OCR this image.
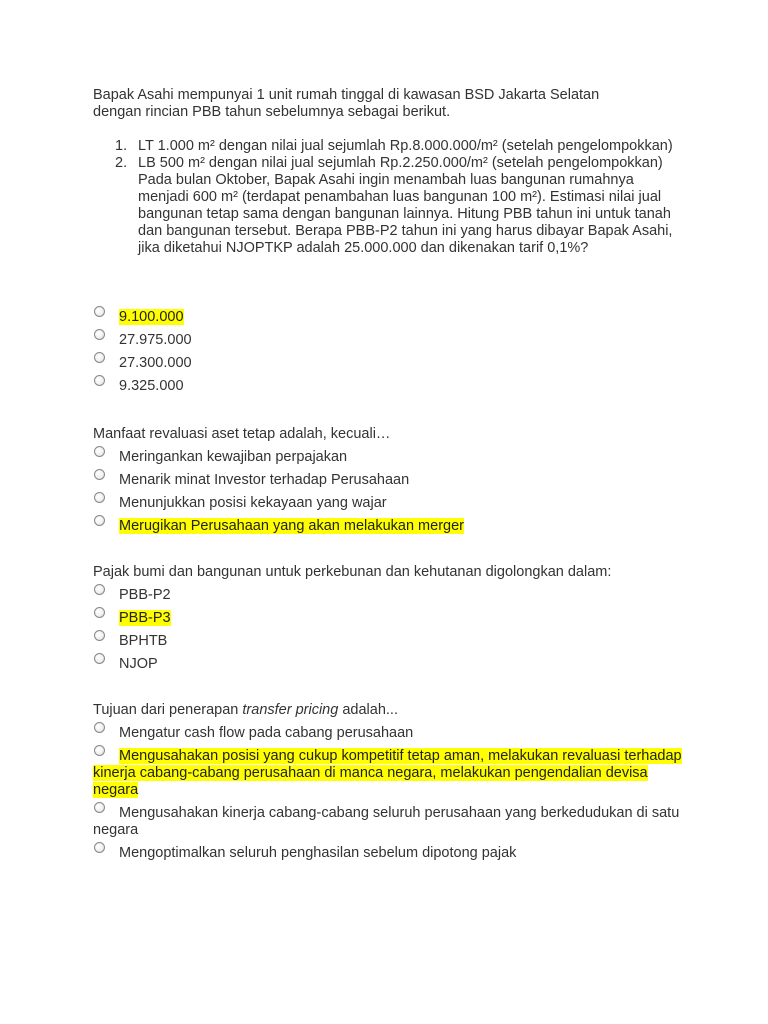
Bapak Asahi mempunyai 1 unit rumah tinggal di kawasan BSD Jakarta Selatan

dengan rincian PBB tahun sebelumnya sebagai berikut.

1. LT 1.000 m² dengan nilai jual sejumlah Rp.8.000.000/m² (setelah pengelompokkan)
2. LB 500 m² dengan nilai jual sejumlah Rp.2.250.000/m² (setelah pengelompokkan) Pada bulan Oktober, Bapak Asahi ingin menambah luas bangunan rumahnya menjadi 600 m² (terdapat penambahan luas bangunan 100 m²). Estimasi nilai jual bangunan tetap sama dengan bangunan lainnya. Hitung PBB tahun ini untuk tanah dan bangunan tersebut. Berapa PBB-P2 tahun ini yang harus dibayar Bapak Asahi, jika diketahui NJOPTKP adalah 25.000.000 dan dikenakan tarif 0,1%?
9.100.000
27.975.000
27.300.000
9.325.000

Manfaat revaluasi aset tetap adalah, kecuali…

Meringankan kewajiban perpajakan
Menarik minat Investor terhadap Perusahaan
Menunjukkan posisi kekayaan yang wajar
Merugikan Perusahaan yang akan melakukan merger

Pajak bumi dan bangunan untuk perkebunan dan kehutanan digolongkan dalam:

PBB-P2
PBB-P3
BPHTB
NJOP

Tujuan dari penerapan transfer pricing adalah...

Mengatur cash flow pada cabang perusahaan
Mengusahakan posisi yang cukup kompetitif tetap aman, melakukan revaluasi terhadap kinerja cabang-cabang perusahaan di manca negara, melakukan pengendalian devisa negara
Mengusahakan kinerja cabang-cabang seluruh perusahaan yang berkedudukan di satu negara
Mengoptimalkan seluruh penghasilan sebelum dipotong pajak
